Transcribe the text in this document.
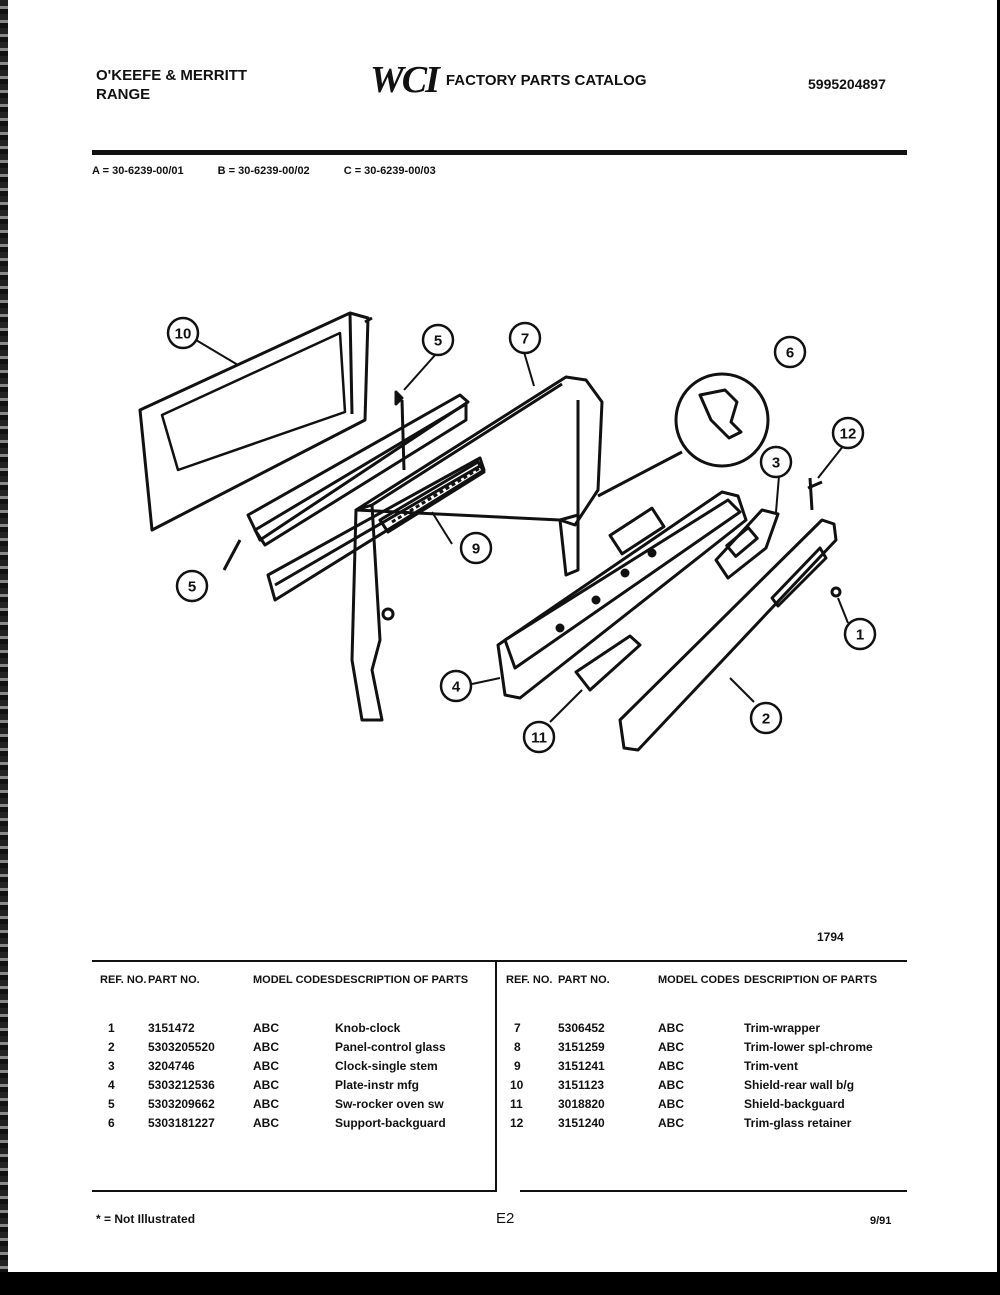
O'KEEFE & MERRITT
RANGE	WCI FACTORY PARTS CATALOG	5995204897
A = 30-6239-00/01	B = 30-6239-00/02	C = 30-6239-00/03
10	5	7
6
12
3
9
5
1
4
2
11
1794
REF. NO.	PART NO.	MODEL CODES	DESCRIPTION OF PARTS
1	3151472	ABC	Knob-clock
2	5303205520	ABC	Panel-control glass
3	3204746	ABC	Clock-single stem
4	5303212536	ABC	Plate-instr mfg
5	5303209662	ABC	Sw-rocker oven sw
6	5303181227	ABC	Support-backguard
REF. NO.	PART NO.	MODEL CODES	DESCRIPTION OF PARTS
7	5306452	ABC	Trim-wrapper
8	3151259	ABC	Trim-lower spl-chrome
9	3151241	ABC	Trim-vent
10	3151123	ABC	Shield-rear wall b/g
11	3018820	ABC	Shield-backguard
12	3151240	ABC	Trim-glass retainer
* = Not Illustrated	E2	9/91
